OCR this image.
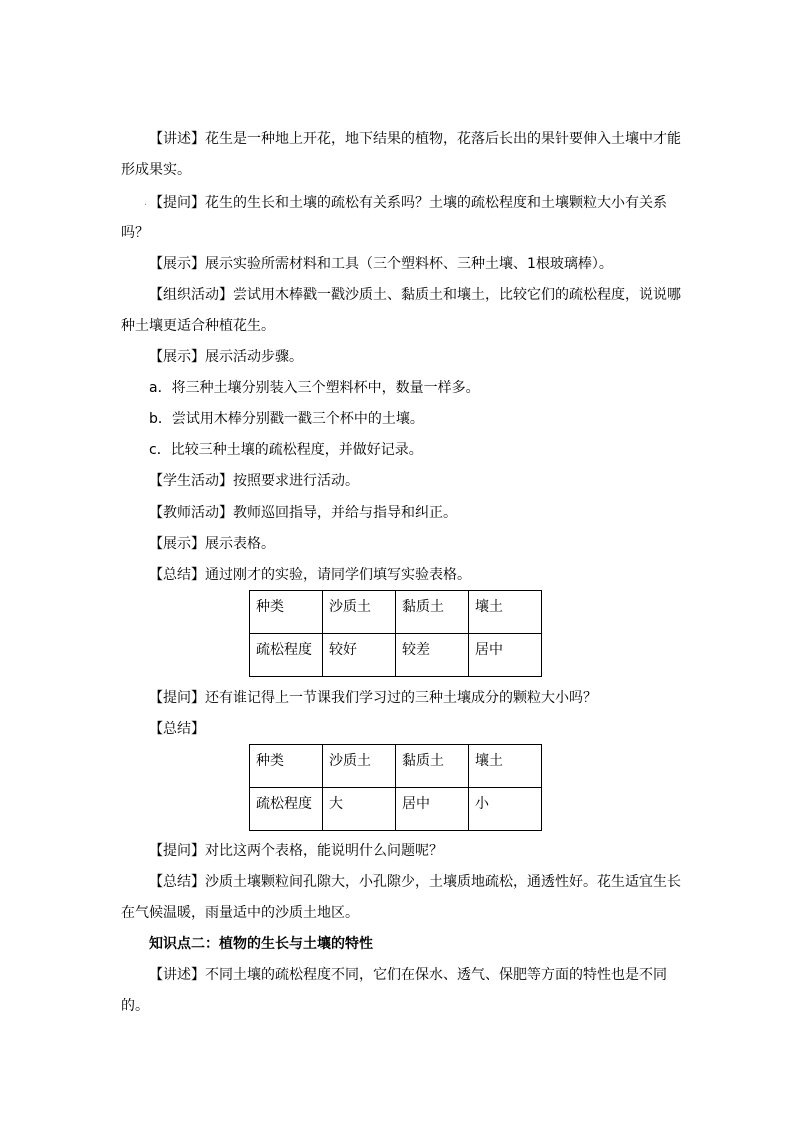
【讲述】花生是一种地上开花，地下结果的植物，花落后长出的果针要伸入土壤中才能
形成果实。
. 【提问】花生的生长和土壤的疏松有关系吗？土壤的疏松程度和土壤颗粒大小有关系
吗？
【展示】展示实验所需材料和工具（三个塑料杯、三种土壤、1根玻璃棒）。
【组织活动】尝试用木棒戳一戳沙质土、黏质土和壤土，比较它们的疏松程度，说说哪
种土壤更适合种植花生。
【展示】展示活动步骤。
a．将三种土壤分别装入三个塑料杯中，数量一样多。
b．尝试用木棒分别戳一戳三个杯中的土壤。
c．比较三种土壤的疏松程度，并做好记录。
【学生活动】按照要求进行活动。
【教师活动】教师巡回指导，并给与指导和纠正。
【展示】展示表格。
【总结】通过刚才的实验，请同学们填写实验表格。
种类	沙质土	黏质土	壤土
疏松程度	较好	较差	居中
【提问】还有谁记得上一节课我们学习过的三种土壤成分的颗粒大小吗？
【总结】
种类	沙质土	黏质土	壤土
疏松程度	大	居中	小
【提问】对比这两个表格，能说明什么问题呢？
【总结】沙质土壤颗粒间孔隙大，小孔隙少，土壤质地疏松，通透性好。花生适宜生长
在气候温暖，雨量适中的沙质土地区。
知识点二：植物的生长与土壤的特性
【讲述】不同土壤的疏松程度不同，它们在保水、透气、保肥等方面的特性也是不同
的。
